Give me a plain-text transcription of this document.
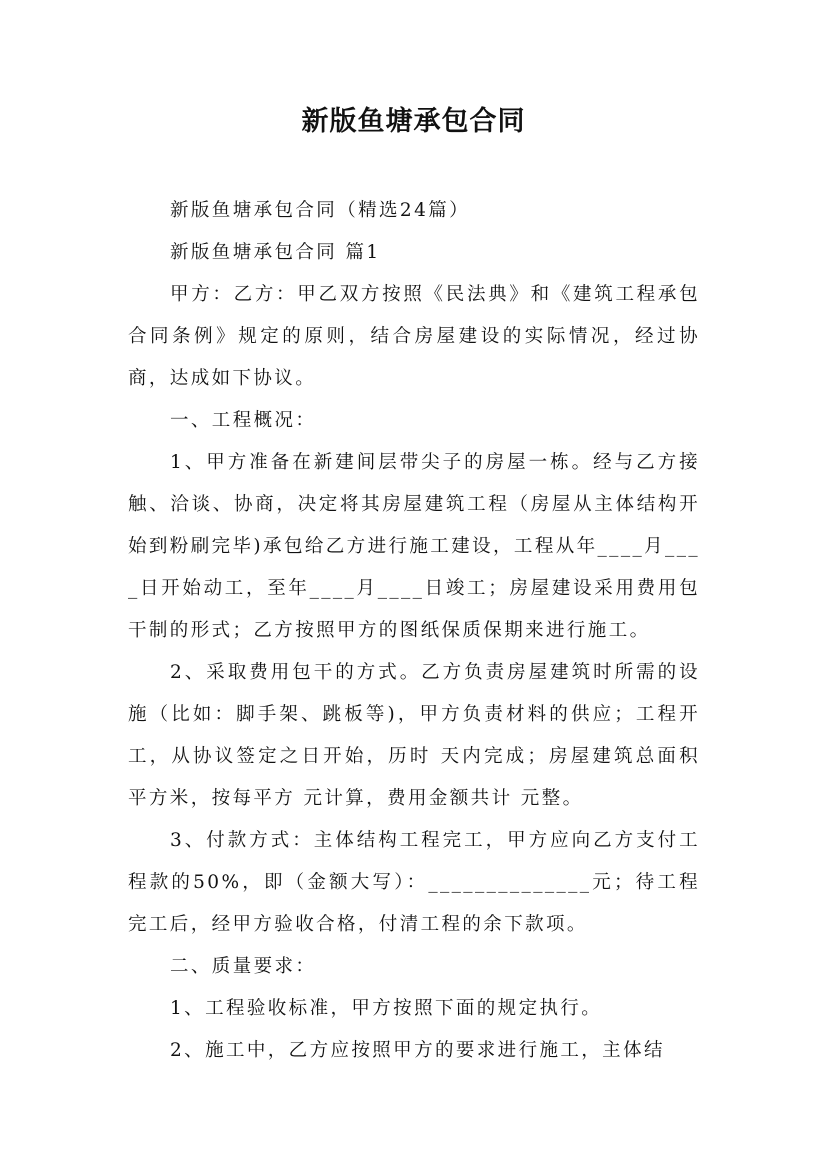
新版鱼塘承包合同

新版鱼塘承包合同（精选24篇）

新版鱼塘承包合同 篇1

甲方：乙方：甲乙双方按照《民法典》和《建筑工程承包合同条例》规定的原则，结合房屋建设的实际情况，经过协商，达成如下协议。

一、工程概况：

1、甲方准备在新建间层带尖子的房屋一栋。经与乙方接触、洽谈、协商，决定将其房屋建筑工程（房屋从主体结构开始到粉刷完毕)承包给乙方进行施工建设，工程从年____月____日开始动工，至年____月____日竣工；房屋建设采用费用包干制的形式；乙方按照甲方的图纸保质保期来进行施工。

2、采取费用包干的方式。乙方负责房屋建筑时所需的设施（比如：脚手架、跳板等)，甲方负责材料的供应；工程开工，从协议签定之日开始，历时 天内完成；房屋建筑总面积 平方米，按每平方 元计算，费用金额共计 元整。

3、付款方式：主体结构工程完工，甲方应向乙方支付工程款的50%，即（金额大写）：______________元；待工程完工后，经甲方验收合格，付清工程的余下款项。

二、质量要求：

1、工程验收标准，甲方按照下面的规定执行。

2、施工中，乙方应按照甲方的要求进行施工，主体结
